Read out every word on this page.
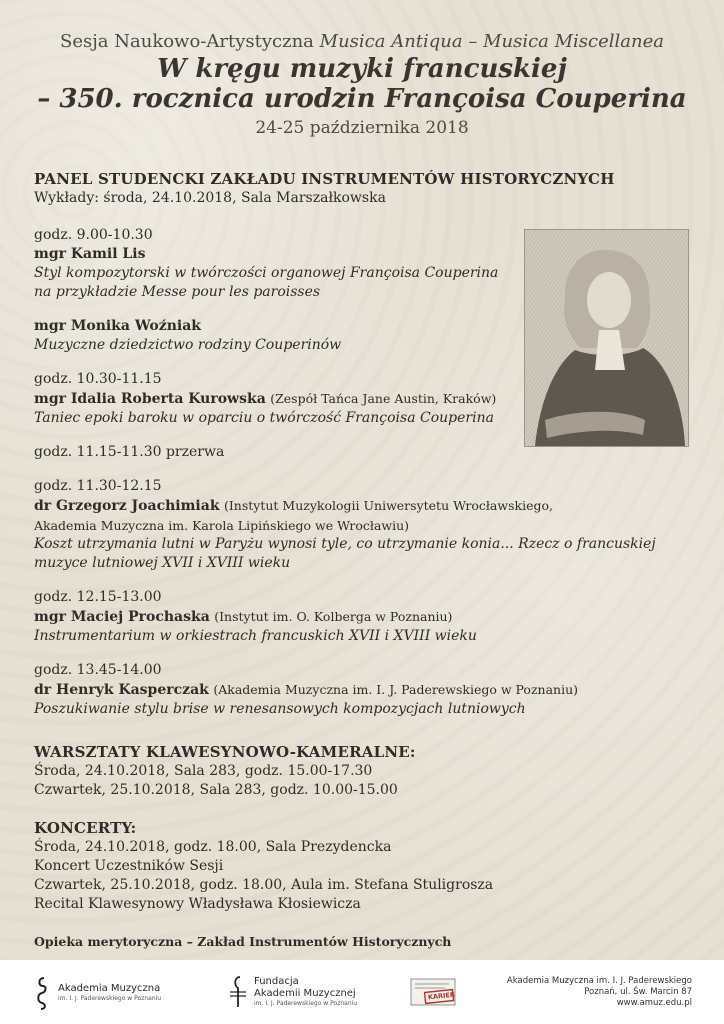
Sesja Naukowo-Artystyczna Musica Antiqua – Musica Miscellanea
W kręgu muzyki francuskiej
– 350. rocznica urodzin Françoisa Couperina
24-25 października 2018
PANEL STUDENCKI ZAKŁADU INSTRUMENTÓW HISTORYCZNYCH
Wykłady: środa, 24.10.2018, Sala Marszałkowska
godz. 9.00-10.30
mgr Kamil Lis
Styl kompozytorski w twórczości organowej Françoisa Couperina
na przykładzie Messe pour les paroisses
mgr Monika Woźniak
Muzyczne dziedzictwo rodziny Couperinów
godz. 10.30-11.15
mgr Idalia Roberta Kurowska (Zespół Tańca Jane Austin, Kraków)
Taniec epoki baroku w oparciu o twórczość Françoisa Couperina
godz. 11.15-11.30 przerwa
godz. 11.30-12.15
dr Grzegorz Joachimiak (Instytut Muzykologii Uniwersytetu Wrocławskiego,
Akademia Muzyczna im. Karola Lipińskiego we Wrocławiu)
Koszt utrzymania lutni w Paryżu wynosi tyle, co utrzymanie konia... Rzecz o francuskiej
muzyce lutniowej XVII i XVIII wieku
godz. 12.15-13.00
mgr Maciej Prochaska (Instytut im. O. Kolberga w Poznaniu)
Instrumentarium w orkiestrach francuskich XVII i XVIII wieku
godz. 13.45-14.00
dr Henryk Kasperczak (Akademia Muzyczna im. I. J. Paderewskiego w Poznaniu)
Poszukiwanie stylu brise w renesansowych kompozycjach lutniowych
WARSZTATY KLAWESYNOWO-KAMERALNE:
Środa, 24.10.2018, Sala 283, godz. 15.00-17.30
Czwartek, 25.10.2018, Sala 283, godz. 10.00-15.00
KONCERTY:
Środa, 24.10.2018, godz. 18.00, Sala Prezydencka
Koncert Uczestników Sesji
Czwartek, 25.10.2018, godz. 18.00, Aula im. Stefana Stuligrosza
Recital Klawesynowy Władysława Kłosiewicza
Opieka merytoryczna – Zakład Instrumentów Historycznych
Akademia Muzyczna
im. I. J. Paderewskiego w Poznaniu
Fundacja
Akademii Muzycznej
im. I. J. Paderewskiego w Poznaniu
KARIER
Akademia Muzyczna im. I. J. Paderewskiego
Poznań, ul. Św. Marcin 87
www.amuz.edu.pl
